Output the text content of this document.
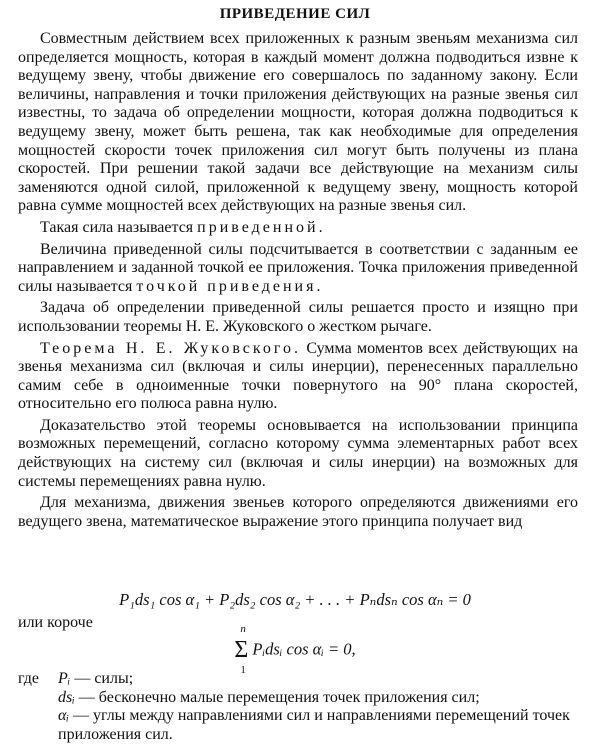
ПРИВЕДЕНИЕ СИЛ

Совместным действием всех приложенных к разным звеньям механизма сил определяется мощность, которая в каждый момент должна подводиться извне к ведущему звену, чтобы движение его совершалось по заданному закону. Если величины, направления и точки приложения действующих на разные звенья сил известны, то задача об определении мощности, которая должна подводиться к ведущему звену, может быть решена, так как необходимые для определения мощностей скорости точек приложения сил могут быть получены из плана скоростей. При решении такой задачи все действующие на механизм силы заменяются одной силой, приложенной к ведущему звену, мощность которой равна сумме мощностей всех действующих на разные звенья сил.

Такая сила называется приведенной.

Величина приведенной силы подсчитывается в соответствии с заданным ее направлением и заданной точкой ее приложения. Точка приложения приведенной силы называется точкой приведения.

Задача об определении приведенной силы решается просто и изящно при использовании теоремы Н. Е. Жуковского о жестком рычаге.

Теорема Н. Е. Жуковского. Сумма моментов всех действующих на звенья механизма сил (включая и силы инерции), перенесенных параллельно самим себе в одноименные точки повернутого на 90° плана скоростей, относительно его полюса равна нулю.

Доказательство этой теоремы основывается на использовании принципа возможных перемещений, согласно которому сумма элементарных работ всех действующих на систему сил (включая и силы инерции) на возможных для системы перемещениях равна нулю.

Для механизма, движения звеньев которого определяются движениями его ведущего звена, математическое выражение этого принципа получает вид

P₁ds₁ cos α₁ + P₂ds₂ cos α₂ + . . . + Pₙdsₙ cos αₙ = 0
или короче
Σ
n
1
Pᵢdsᵢ cos αᵢ = 0,
где Pᵢ — силы;
dsᵢ — бесконечно малые перемещения точек приложения сил;
αᵢ — углы между направлениями сил и направлениями перемещений точек приложения сил.
